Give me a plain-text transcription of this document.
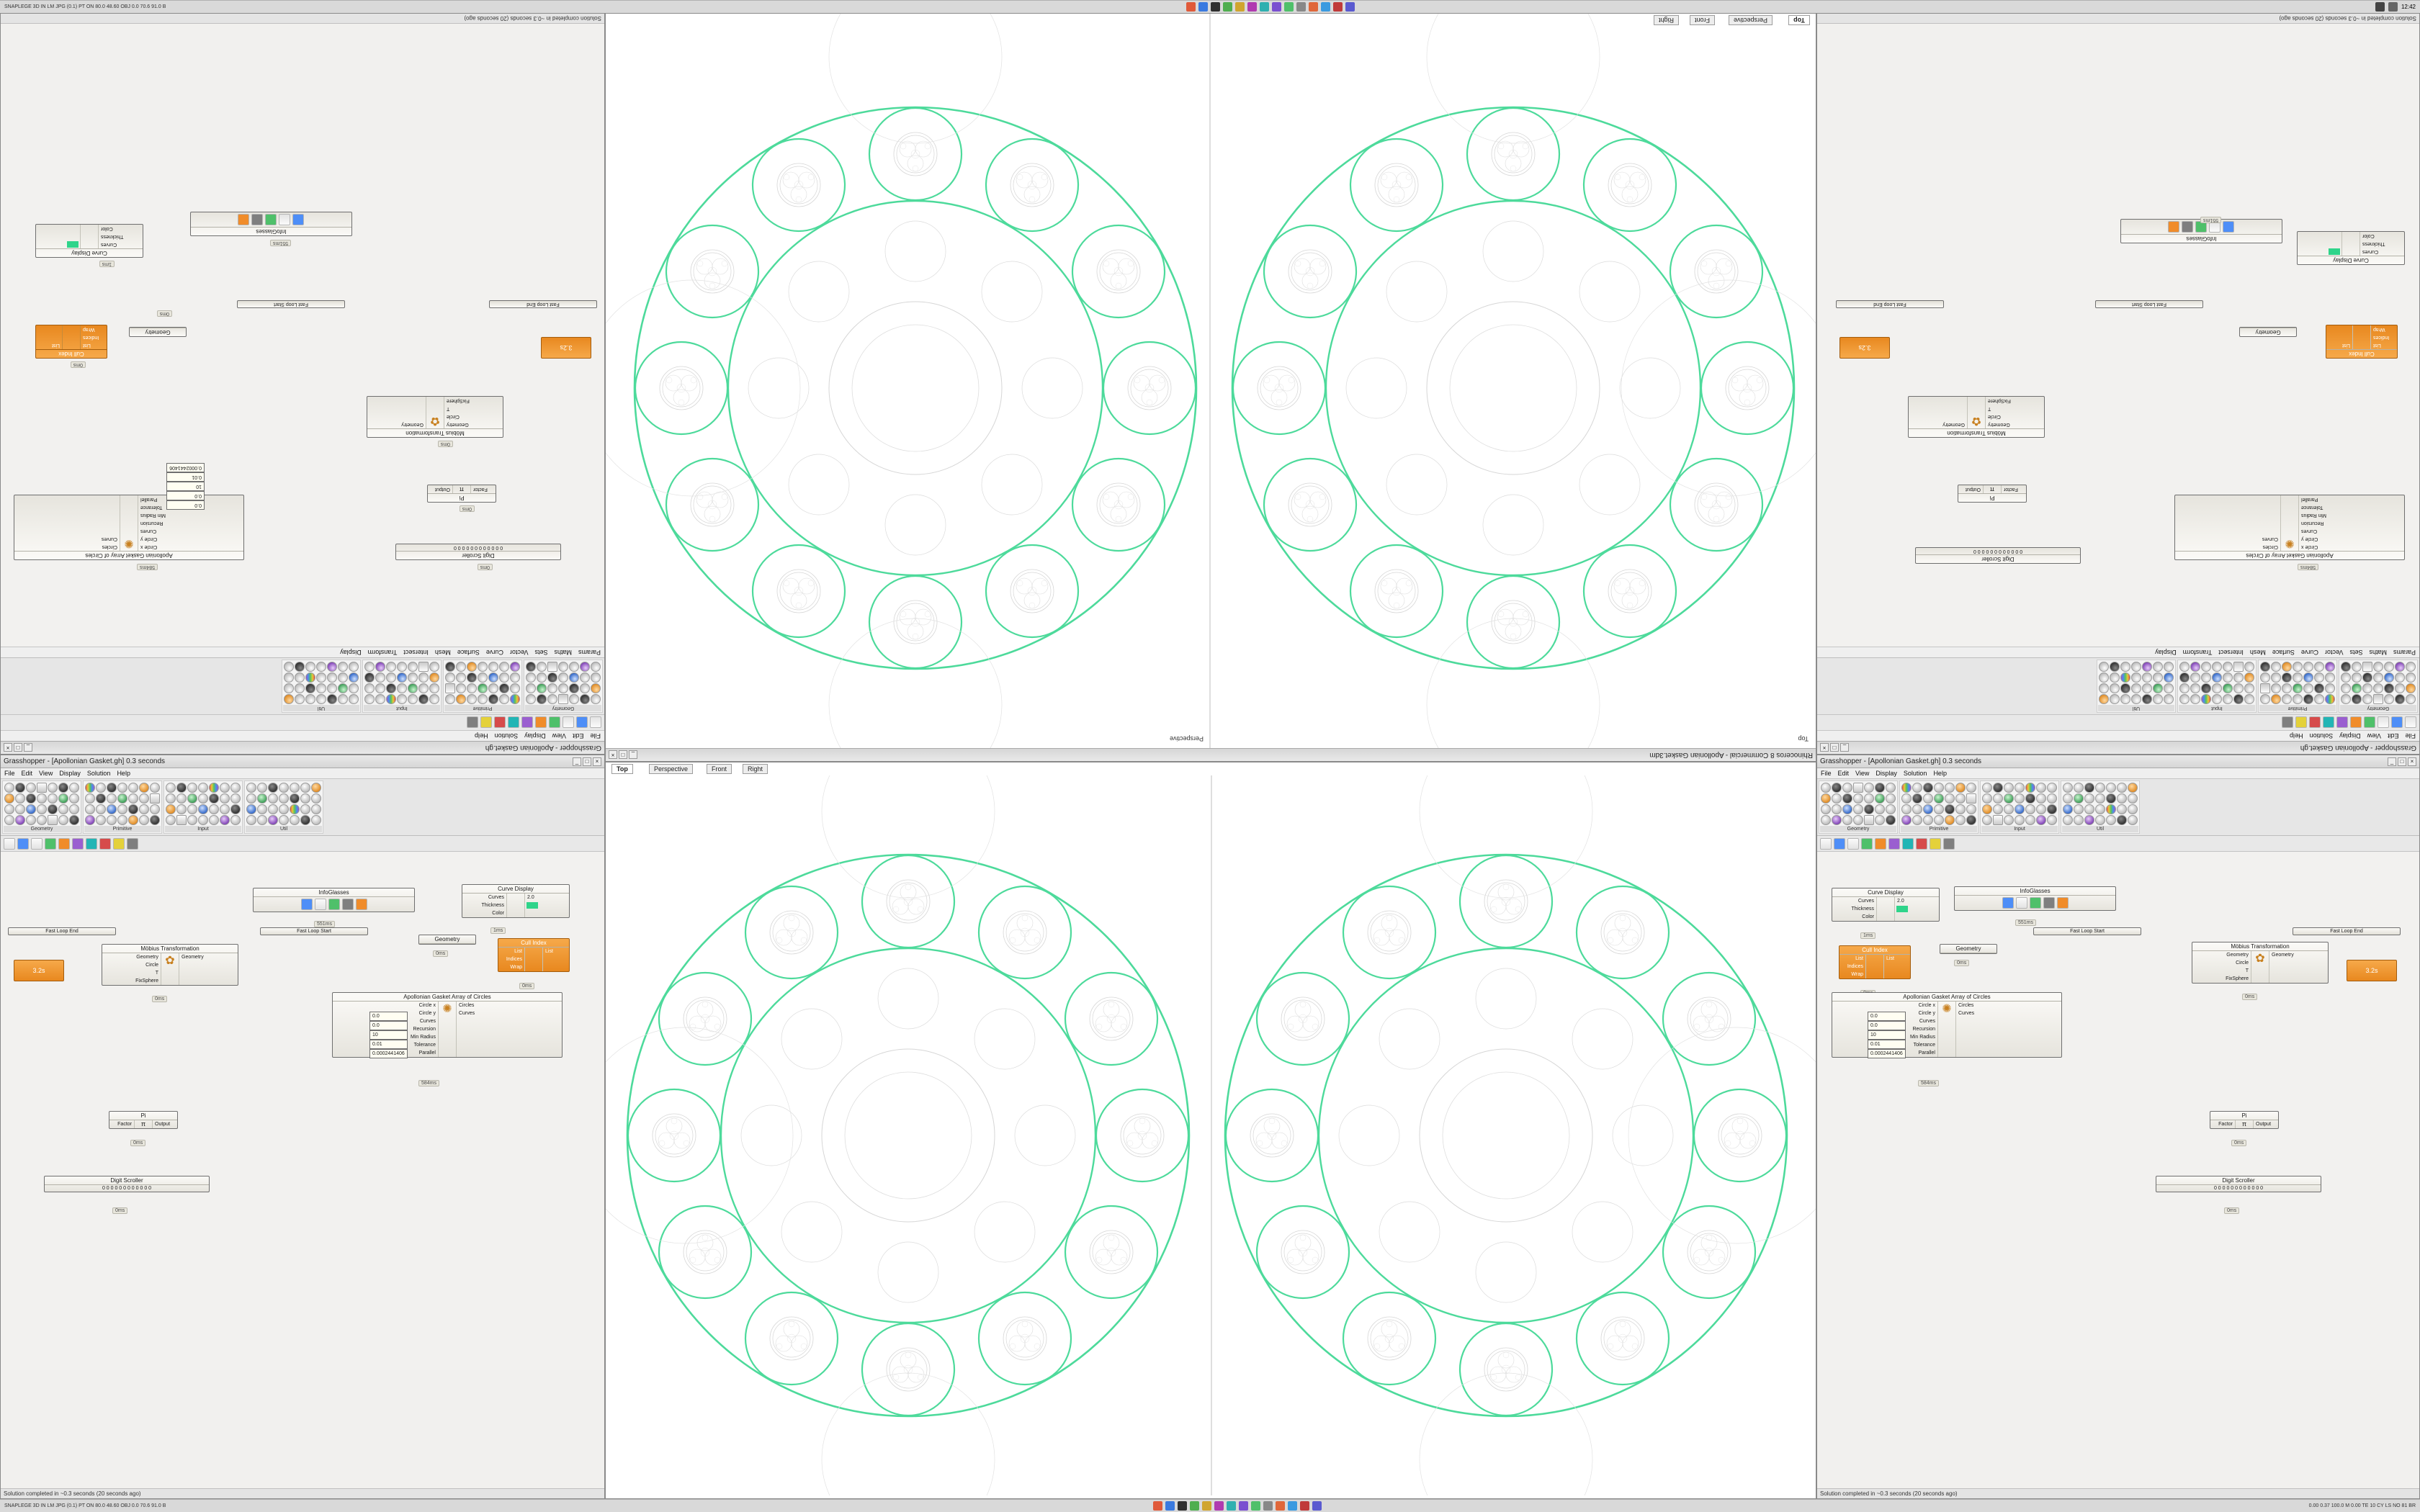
SNAPLEGE 3D IN LM JPG (0.1) PT ON 80.0 48.60 OBJ 0.0 70.6 91.0 B	12:42
Solution completed in ~0.3 seconds (20 seconds ago)
Grasshopper - Apollonian Gasket.gh
_
□
×
File
Edit
View
Display
Solution
Help
Geometry
Primitive
Input
Util
Params
Maths
Sets
Vector
Curve
Surface
Mesh
Intersect
Transform
Display
Digit Scroller
0 0 0 0 0 0 0 0 0 0 0 0
0ms
Pi
Factor
π
Output
0ms
Möbius Transformation
Geometry
Circle
T
FixSphere
✿
Geometry
0ms
3.2s
Fast Loop End
Fast Loop Start
Cull Index
List
Indices
Wrap
List
0ms
Geometry
0ms
Apollonian Gasket Array of Circles
Circle x
Circle y
Curves
Recursion
Min Radius
Tolerance
Parallel
✺
Circles
Curves
584ms
0.0
0.0
10
0.01
0.0002441406
Curve Display
Curves
Thickness
Color
1ms
InfoGlasses
551ms
Solution completed in ~0.3 seconds (20 seconds ago)
Grasshopper - Apollonian Gasket.gh
_
□
×
File
Edit
View
Display
Solution
Help
Geometry
Primitive
Input
Util
Params
Maths
Sets
Vector
Curve
Surface
Mesh
Intersect
Transform
Display
Digit Scroller
0 0 0 0 0 0 0 0 0 0 0 0
Pi
Factor
π
Output
Möbius Transformation
Geometry
Circle
T
FixSphere
✿
Geometry
3.2s
Fast Loop Start
Fast Loop End
Apollonian Gasket Array of Circles
Circle x
Circle y
Curves
Recursion
Min Radius
Tolerance
Parallel
✺
Circles
Curves
584ms
Cull Index
List
Indices
Wrap
List
Geometry
Curve Display
Curves
Thickness
Color
InfoGlasses
551ms
Rhinoceros 8 Commercial - Apollonian Gasket.3dm
_
□
×
Top
Perspective
Top
Perspective
Front
Right
Grasshopper - [Apollonian Gasket.gh] 0.3 seconds	_	□	×
File Edit View Display Solution Help
Geometry	Primitive	Input	Util
InfoGlasses
551ms
Curve Display
Curves
Thickness
Color
2.0
1ms
Fast Loop End	Fast Loop Start
Möbius Transformation
Geometry
Circle
T
FixSphere
✿	Geometry
0ms
3.2s
Cull Index
List
Indices
Wrap
List
0ms
Geometry
0ms
Apollonian Gasket Array of Circles
Circle x
Circle y
Curves
Recursion
Min Radius
Tolerance
Parallel
✺	Circles
Curves
584ms
0.0
0.0
10
0.01
0.0002441406
Pi
Factor	π	Output
0ms
Digit Scroller
0 0 0 0 0 0 0 0 0 0 0 0
0ms
Solution completed in ~0.3 seconds (20 seconds ago)
Grasshopper - [Apollonian Gasket.gh] 0.3 seconds	_	□	×
File Edit View Display Solution Help
Geometry	Primitive	Input	Util
Curve Display
Curves
Thickness
Color
2.0
1ms
InfoGlasses
551ms
Fast Loop Start	Fast Loop End
Cull Index
List
Indices
Wrap
List
Geometry
0ms
Möbius Transformation
Geometry
Circle
T
FixSphere
✿	Geometry
0ms
3.2s
Apollonian Gasket Array of Circles
Circle x
Circle y
Curves
Recursion
Min Radius
Tolerance
Parallel
✺	Circles
Curves
584ms
0.0
0.0
10
0.01
0.0002441406
Pi
Factor	π	Output
0ms
Digit Scroller
0 0 0 0 0 0 0 0 0 0 0 0
0ms
Solution completed in ~0.3 seconds (20 seconds ago)
Top	Perspective	Front	Right
SNAPLEGE 3D IN LM JPG (0.1) PT ON 80.0 48.60 OBJ 0.0 70.6 91.0 B	0.00 0.37 100.0 M 0.00 TE 10 CY LS NO 81 BR
